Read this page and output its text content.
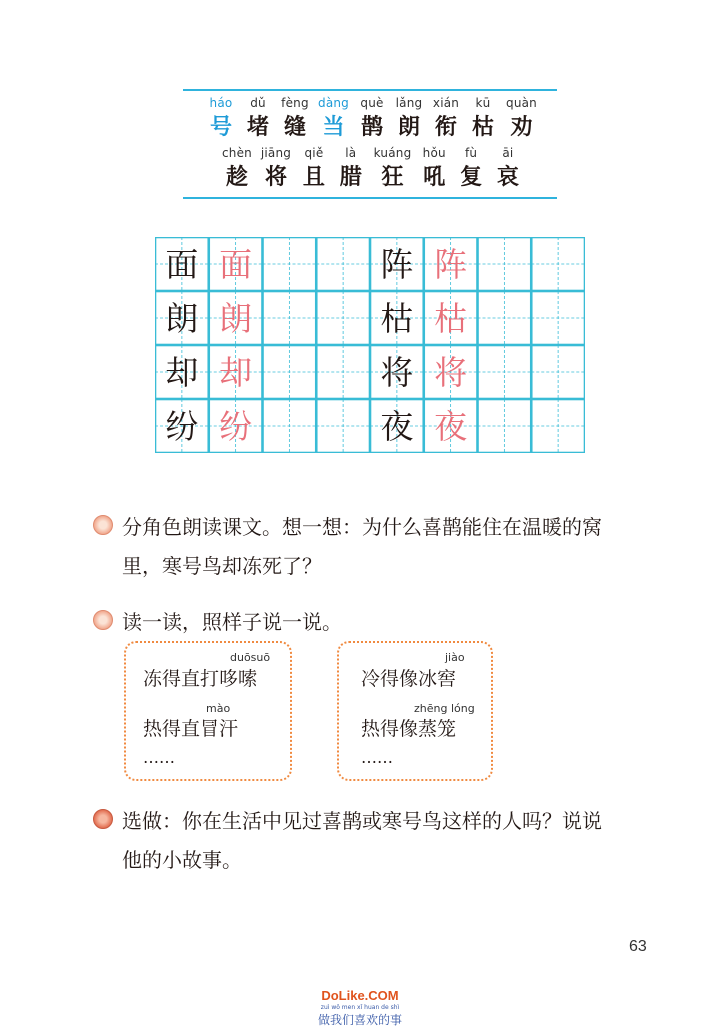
háo
号
dǔ
堵
fèng
缝
dàng
当
què
鹊
lǎng
朗
xián
衔
kū
枯
quàn
劝
chèn
趁
jiāng
将
qiě
且
là
腊
kuáng
狂
hǒu
吼
fù
复
āi
哀
面
朗
却
纷
面
朗
却
纷
阵
枯
将
夜
阵
枯
将
夜
分角色朗读课文。想一想：为什么喜鹊能住在温暖的窝
里，寒号鸟却冻死了？
读一读，照样子说一说。
duōsuō
冻得直打哆嗦
mào
热得直冒汗
……
jiào
冷得像冰窖
zhēng lóng
热得像蒸笼
……
选做：你在生活中见过喜鹊或寒号鸟这样的人吗？说说
他的小故事。
63
DoLike.COM
zuì wǒ men xǐ huan de shì
做我们喜欢的事
